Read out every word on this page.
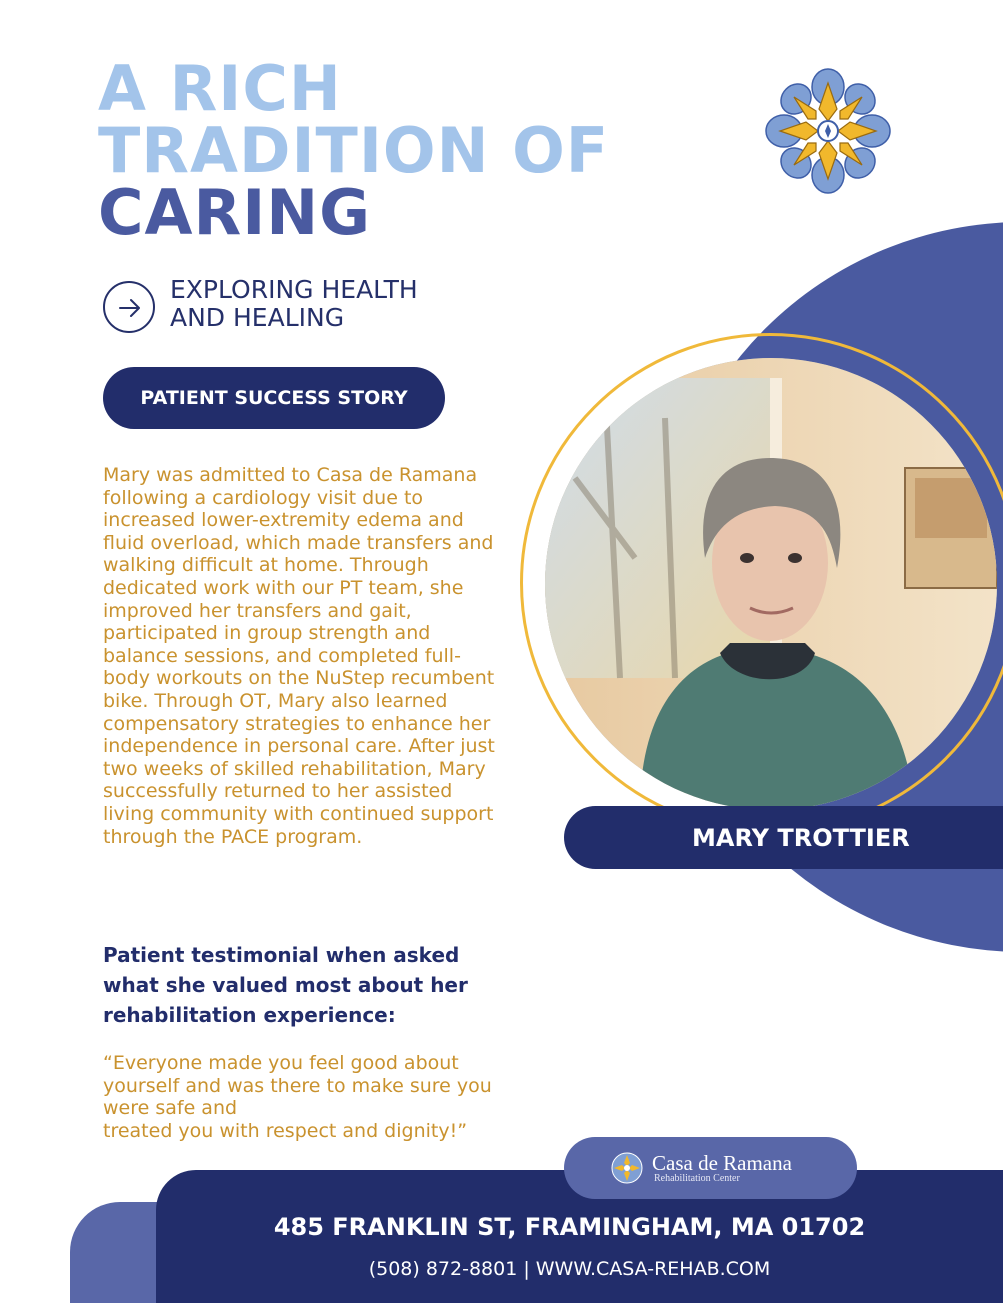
A RICH
TRADITION OF
CARING
EXPLORING HEALTH
AND HEALING
PATIENT SUCCESS STORY

Mary was admitted to Casa de Ramana following a cardiology visit due to increased lower-extremity edema and fluid overload, which made transfers and walking difficult at home. Through dedicated work with our PT team, she improved her transfers and gait, participated in group strength and balance sessions, and completed full-body workouts on the NuStep recumbent bike. Through OT, Mary also learned compensatory strategies to enhance her independence in personal care. After just two weeks of skilled rehabilitation, Mary successfully returned to her assisted living community with continued support through the PACE program.

Patient testimonial when asked what she valued most about her rehabilitation experience:

“Everyone made you feel good about yourself and was there to make sure you were safe and
treated you with respect and dignity!”
MARY TROTTIER
485 FRANKLIN ST, FRAMINGHAM, MA 01702
(508) 872-8801 | WWW.CASA-REHAB.COM
Casa de Ramana
Rehabilitation Center
